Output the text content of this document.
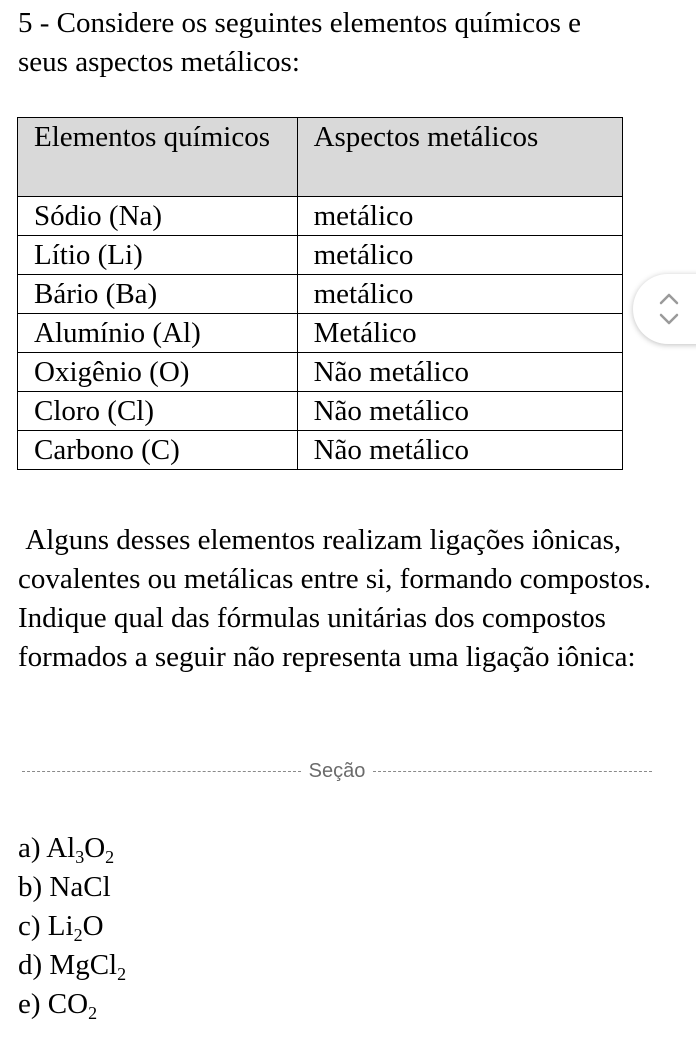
5 - Considere os seguintes elementos químicos e seus aspectos metálicos:
Elementos químicos	Aspectos metálicos
Sódio (Na)	metálico
Lítio (Li)	metálico
Bário (Ba)	metálico
Alumínio (Al)	Metálico
Oxigênio (O)	Não metálico
Cloro (Cl)	Não metálico
Carbono (C)	Não metálico

Alguns desses elementos realizam ligações iônicas, covalentes ou metálicas entre si, formando compostos. Indique qual das fórmulas unitárias dos compostos formados a seguir não representa uma ligação iônica:

Seção
a) $Al_3O_2$
b) NaCl
c) $Li_2O$
d) MgCl$_2$
e) $CO_2$
